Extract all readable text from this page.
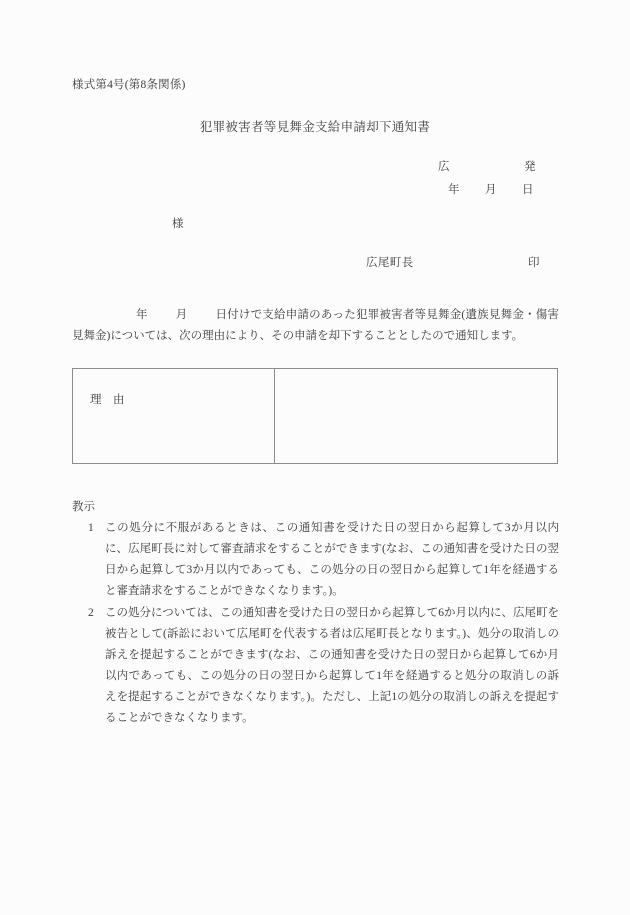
様式第4号(第8条関係)
犯罪被害者等見舞金支給申請却下通知書
広	発
年 月 日
様
広尾町長	印
年 月 日付けで支給申請のあった犯罪被害者等見舞金(遺族見舞金・傷害見舞金)については、次の理由により、その申請を却下することとしたので通知します。
理　由
教示
1 この処分に不服があるときは、この通知書を受けた日の翌日から起算して3か月以内に、広尾町長に対して審査請求をすることができます(なお、この通知書を受けた日の翌日から起算して3か月以内であっても、この処分の日の翌日から起算して1年を経過すると審査請求をすることができなくなります。)。
2 この処分については、この通知書を受けた日の翌日から起算して6か月以内に、広尾町を被告として(訴訟において広尾町を代表する者は広尾町長となります。)、処分の取消しの訴えを提起することができます(なお、この通知書を受けた日の翌日から起算して6か月以内であっても、この処分の日の翌日から起算して1年を経過すると処分の取消しの訴えを提起することができなくなります。)。ただし、上記1の処分の取消しの訴えを提起することができなくなります。
